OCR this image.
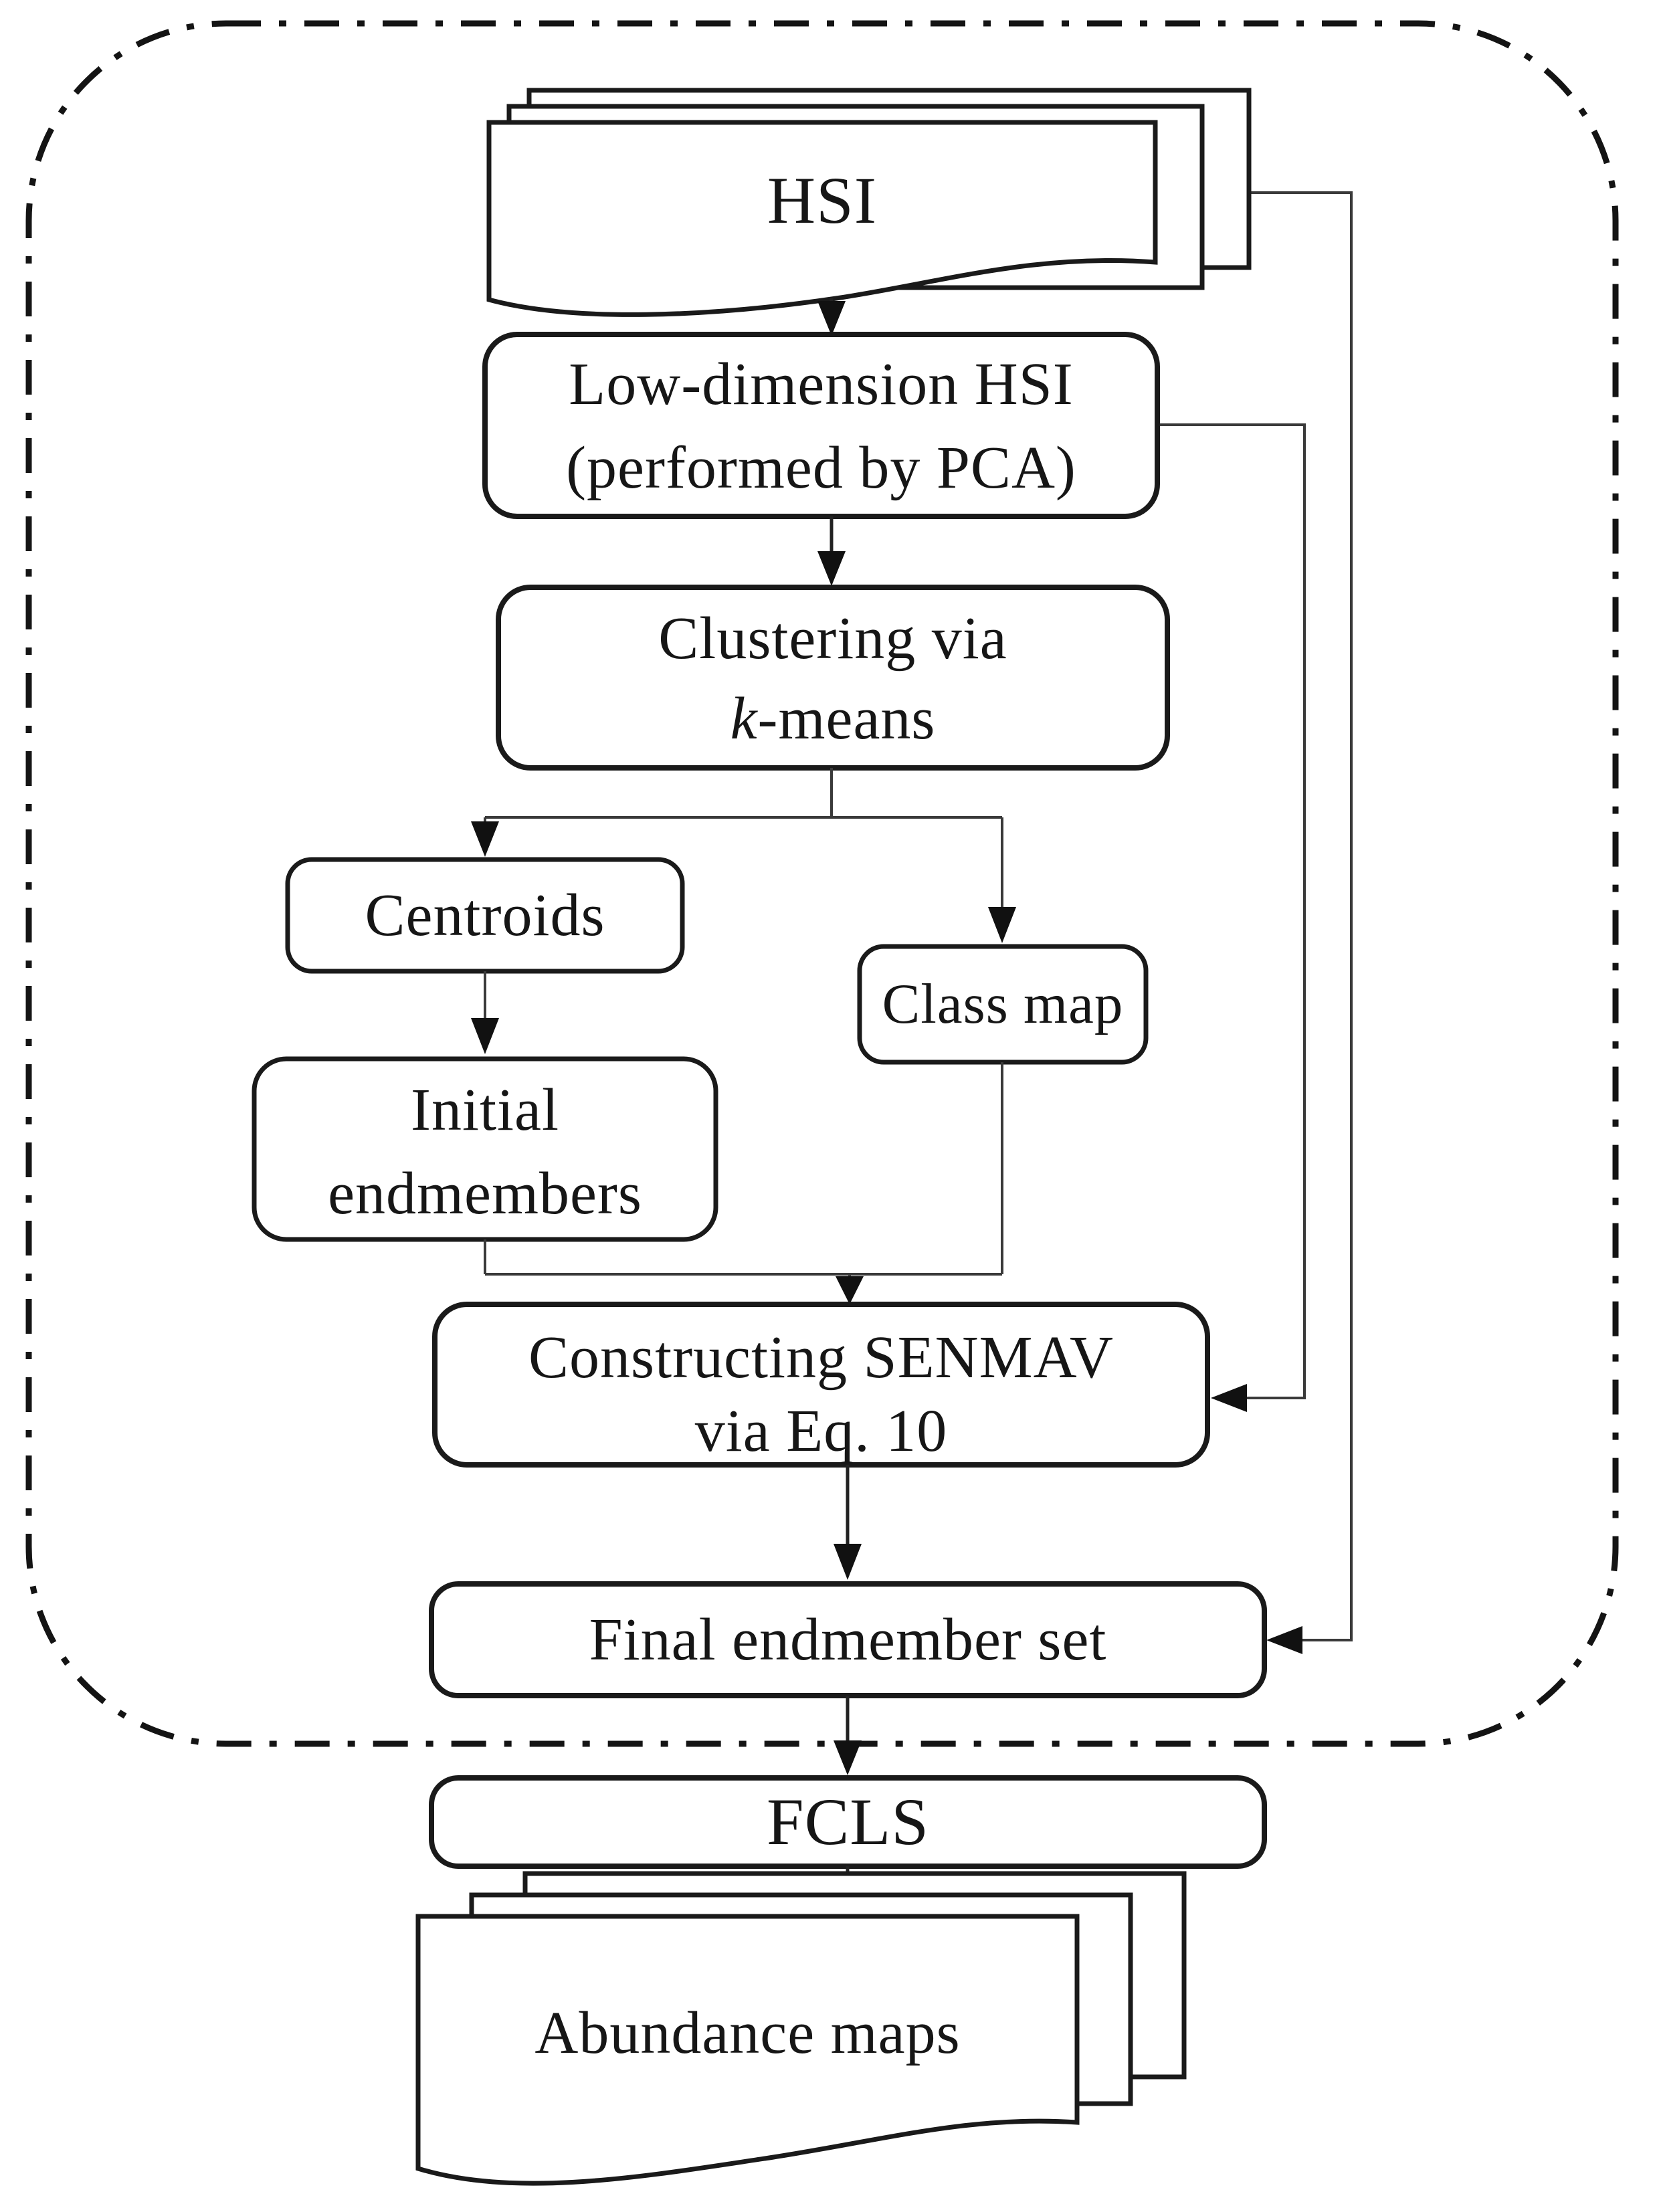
HSI
Low-dimension HSI
(performed by PCA)
Clustering via
k -means
Centroids
Class map
Initial
endmembers
Constructing SENMAV
via Eq. 10
Final endmember set
FCLS
Abundance maps
